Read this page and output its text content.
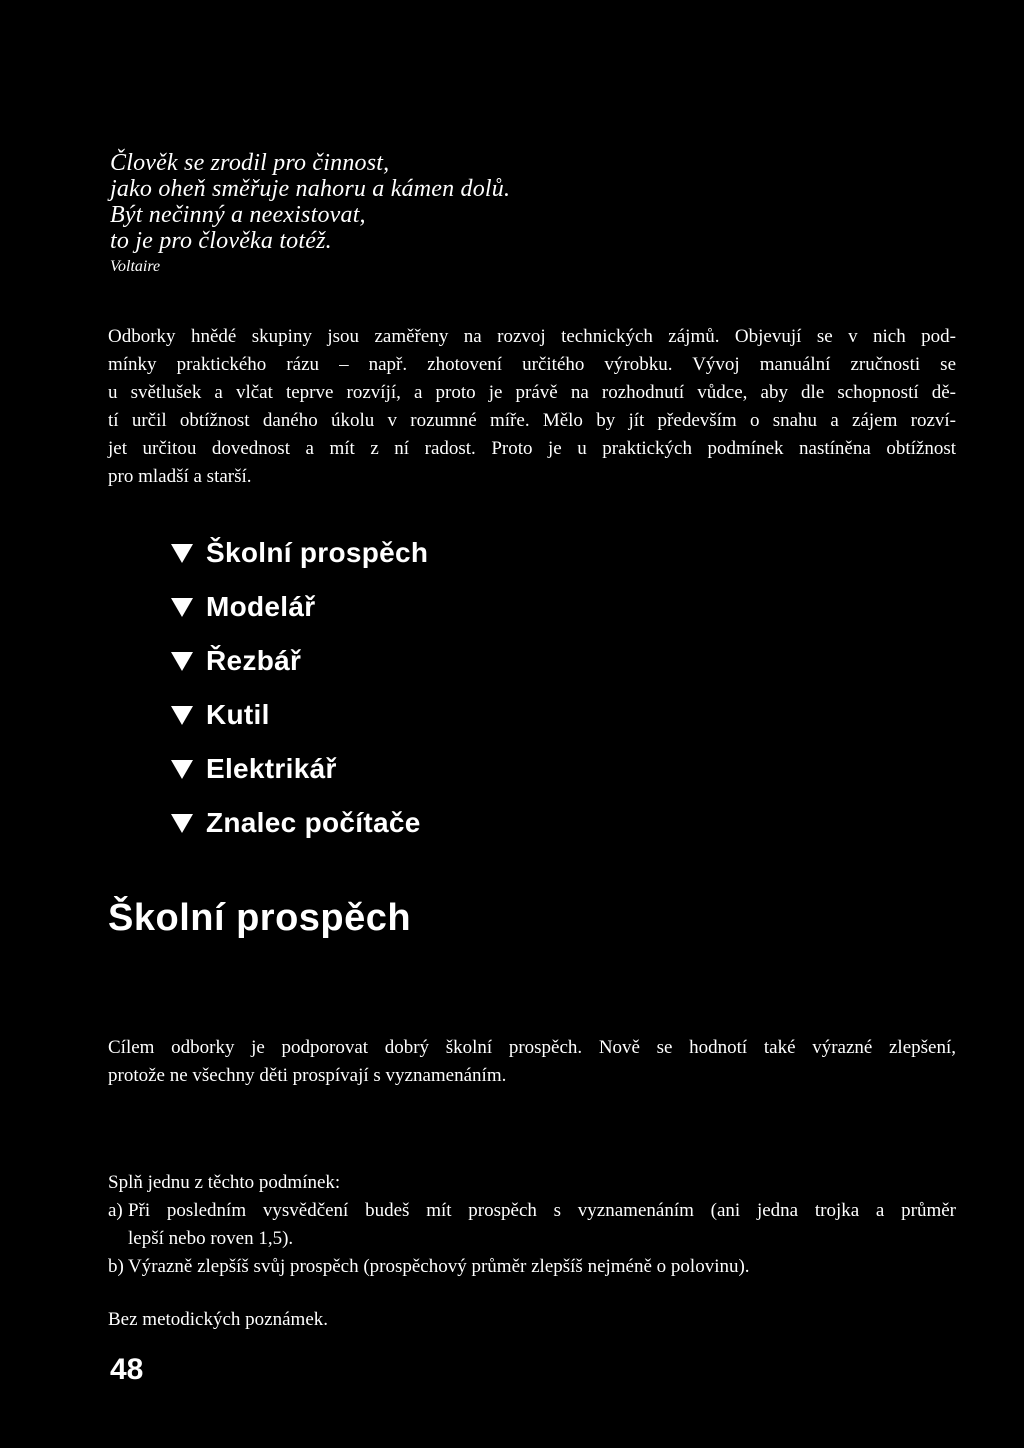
Člověk se zrodil pro činnost,
jako oheň směřuje nahoru a kámen dolů.
Být nečinný a neexistovat,
to je pro člověka totéž.
Voltaire
Odborky hnědé skupiny jsou zaměřeny na rozvoj technických zájmů. Objevují se v nich pod-
mínky praktického rázu – např. zhotovení určitého výrobku. Vývoj manuální zručnosti se
u světlušek a vlčat teprve rozvíjí, a proto je právě na rozhodnutí vůdce, aby dle schopností dě-
tí určil obtížnost daného úkolu v rozumné míře. Mělo by jít především o snahu a zájem rozví-
jet určitou dovednost a mít z ní radost. Proto je u praktických podmínek nastíněna obtížnost
pro mladší a starší.
Školní prospěch
Modelář
Řezbář
Kutil
Elektrikář
Znalec počítače
Školní prospěch
Cílem odborky je podporovat dobrý školní prospěch. Nově se hodnotí také výrazné zlepšení,
protože ne všechny děti prospívají s vyznamenáním.
Splň jednu z těchto podmínek:
a) Při posledním vysvědčení budeš mít prospěch s vyznamenáním (ani jedna trojka a průměr
lepší nebo roven 1,5).
b) Výrazně zlepšíš svůj prospěch (prospěchový průměr zlepšíš nejméně o polovinu).
Bez metodických poznámek.
48
